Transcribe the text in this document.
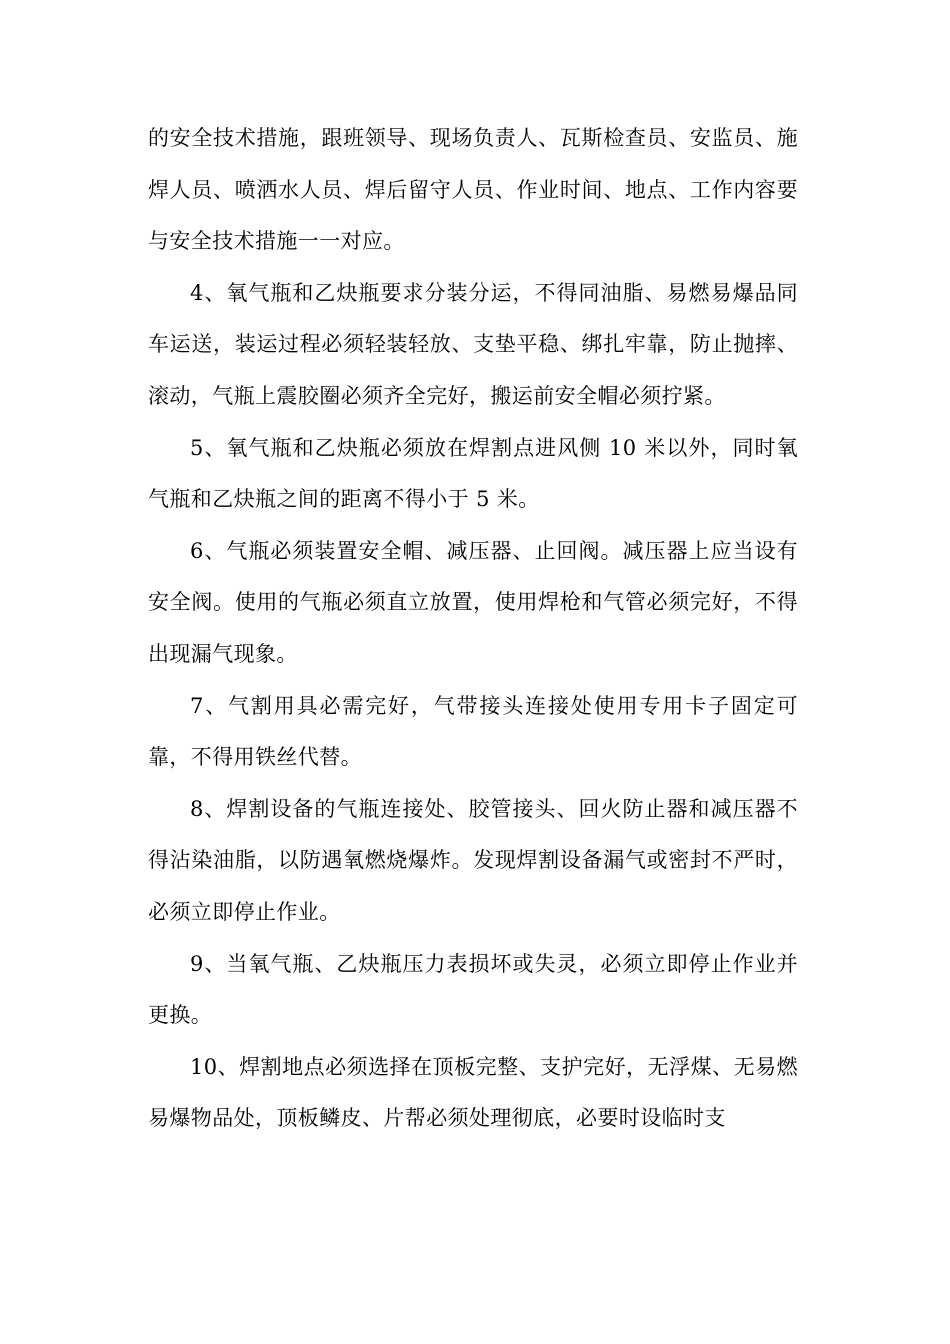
的安全技术措施，跟班领导、现场负责人、瓦斯检查员、安监员、施焊人员、喷洒水人员、焊后留守人员、作业时间、地点、工作内容要与安全技术措施一一对应。

4、氧气瓶和乙炔瓶要求分装分运，不得同油脂、易燃易爆品同车运送，装运过程必须轻装轻放、支垫平稳、绑扎牢靠，防止抛摔、滚动，气瓶上震胶圈必须齐全完好，搬运前安全帽必须拧紧。

5、氧气瓶和乙炔瓶必须放在焊割点进风侧 10 米以外，同时氧气瓶和乙炔瓶之间的距离不得小于 5 米。

6、气瓶必须装置安全帽、减压器、止回阀。减压器上应当设有安全阀。使用的气瓶必须直立放置，使用焊枪和气管必须完好，不得出现漏气现象。

7、气割用具必需完好，气带接头连接处使用专用卡子固定可靠，不得用铁丝代替。

8、焊割设备的气瓶连接处、胶管接头、回火防止器和减压器不得沾染油脂，以防遇氧燃烧爆炸。发现焊割设备漏气或密封不严时，必须立即停止作业。

9、当氧气瓶、乙炔瓶压力表损坏或失灵，必须立即停止作业并更换。

10、焊割地点必须选择在顶板完整、支护完好，无浮煤、无易燃易爆物品处，顶板鳞皮、片帮必须处理彻底，必要时设临时支
